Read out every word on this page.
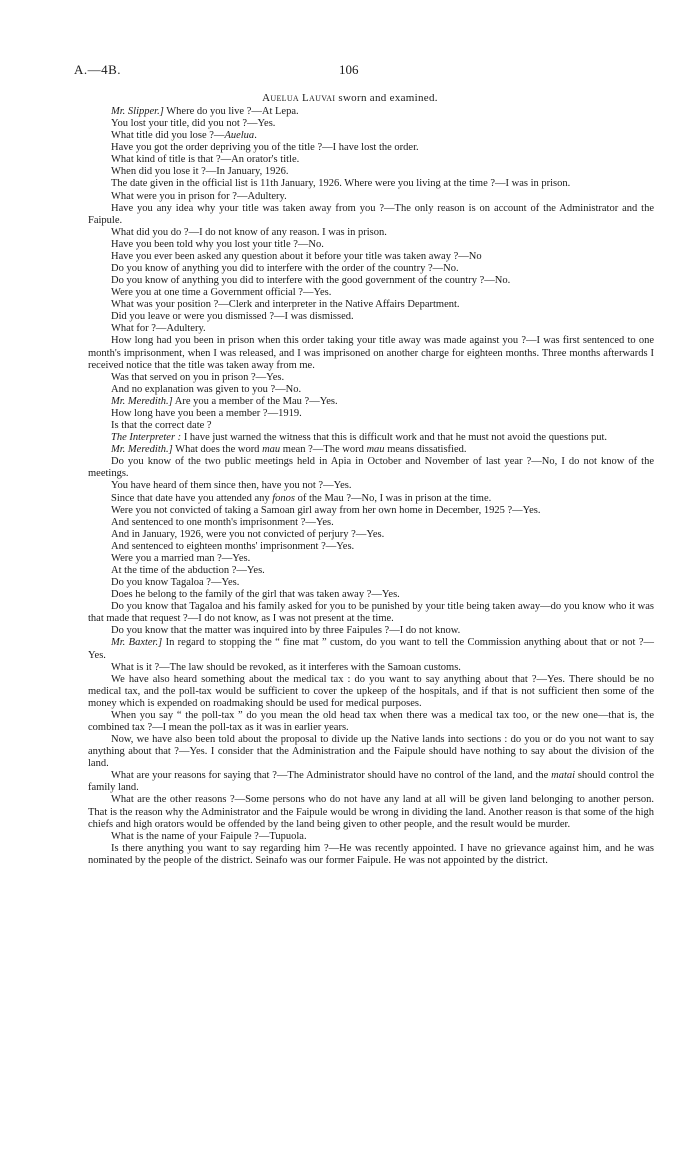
A.—4B.	106
Auelua Lauvai sworn and examined.

Mr. Slipper.] Where do you live ?—At Lepa.

You lost your title, did you not ?—Yes.

What title did you lose ?—Auelua.

Have you got the order depriving you of the title ?—I have lost the order.

What kind of title is that ?—An orator's title.

When did you lose it ?—In January, 1926.

The date given in the official list is 11th January, 1926. Where were you living at the time ?—I was in prison.

What were you in prison for ?—Adultery.

Have you any idea why your title was taken away from you ?—The only reason is on account of the Administrator and the Faipule.

What did you do ?—I do not know of any reason. I was in prison.

Have you been told why you lost your title ?—No.

Have you ever been asked any question about it before your title was taken away ?—No

Do you know of anything you did to interfere with the order of the country ?—No.

Do you know of anything you did to interfere with the good government of the country ?—No.

Were you at one time a Government official ?—Yes.

What was your position ?—Clerk and interpreter in the Native Affairs Department.

Did you leave or were you dismissed ?—I was dismissed.

What for ?—Adultery.

How long had you been in prison when this order taking your title away was made against you ?—I was first sentenced to one month's imprisonment, when I was released, and I was imprisoned on another charge for eighteen months. Three months afterwards I received notice that the title was taken away from me.

Was that served on you in prison ?—Yes.

And no explanation was given to you ?—No.

Mr. Meredith.] Are you a member of the Mau ?—Yes.

How long have you been a member ?—1919.

Is that the correct date ?

The Interpreter : I have just warned the witness that this is difficult work and that he must not avoid the questions put.

Mr. Meredith.] What does the word mau mean ?—The word mau means dissatisfied.

Do you know of the two public meetings held in Apia in October and November of last year ?—No, I do not know of the meetings.

You have heard of them since then, have you not ?—Yes.

Since that date have you attended any fonos of the Mau ?—No, I was in prison at the time.

Were you not convicted of taking a Samoan girl away from her own home in December, 1925 ?—Yes.

And sentenced to one month's imprisonment ?—Yes.

And in January, 1926, were you not convicted of perjury ?—Yes.

And sentenced to eighteen months' imprisonment ?—Yes.

Were you a married man ?—Yes.

At the time of the abduction ?—Yes.

Do you know Tagaloa ?—Yes.

Does he belong to the family of the girl that was taken away ?—Yes.

Do you know that Tagaloa and his family asked for you to be punished by your title being taken away—do you know who it was that made that request ?—I do not know, as I was not present at the time.

Do you know that the matter was inquired into by three Faipules ?—I do not know.

Mr. Baxter.] In regard to stopping the “ fine mat ” custom, do you want to tell the Commission anything about that or not ?—Yes.

What is it ?—The law should be revoked, as it interferes with the Samoan customs.

We have also heard something about the medical tax : do you want to say anything about that ?—Yes. There should be no medical tax, and the poll-tax would be sufficient to cover the upkeep of the hospitals, and if that is not sufficient then some of the money which is expended on roadmaking should be used for medical purposes.

When you say “ the poll-tax ” do you mean the old head tax when there was a medical tax too, or the new one—that is, the combined tax ?—I mean the poll-tax as it was in earlier years.

Now, we have also been told about the proposal to divide up the Native lands into sections : do you or do you not want to say anything about that ?—Yes. I consider that the Administration and the Faipule should have nothing to say about the division of the land.

What are your reasons for saying that ?—The Administrator should have no control of the land, and the matai should control the family land.

What are the other reasons ?—Some persons who do not have any land at all will be given land belonging to another person. That is the reason why the Administrator and the Faipule would be wrong in dividing the land. Another reason is that some of the high chiefs and high orators would be offended by the land being given to other people, and the result would be murder.

What is the name of your Faipule ?—Tupuola.

Is there anything you want to say regarding him ?—He was recently appointed. I have no grievance against him, and he was nominated by the people of the district. Seinafo was our former Faipule. He was not appointed by the district.
